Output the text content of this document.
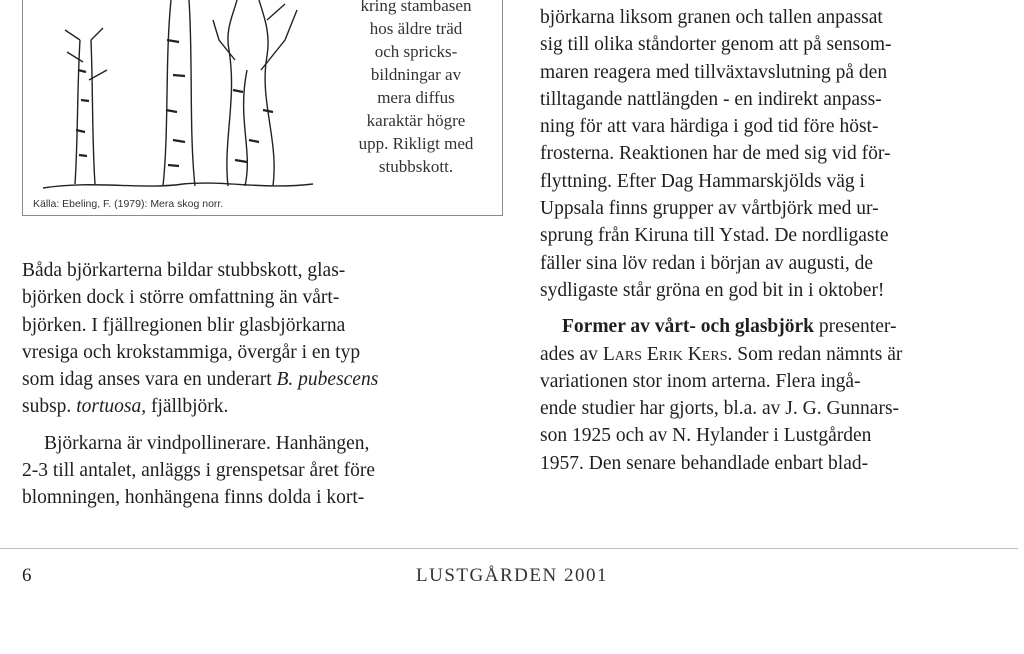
Källa: Ebeling, F. (1979): Mera skog norr.
kring stambasen
hos äldre träd
och spricks-
bildningar av
mera diffus
karaktär högre
upp. Rikligt med
stubbskott.
Båda björkarterna bildar stubbskott, glas-
björken dock i större omfattning än vårt-
björken. I fjällregionen blir glasbjörkarna
vresiga och krokstammiga, övergår i en typ
som idag anses vara en underart B. pubescens
subsp. tortuosa, fjällbjörk.
Björkarna är vindpollinerare. Hanhängen,
2-3 till antalet, anläggs i grenspetsar året före
blomningen, honhängena finns dolda i kort-
björkarna liksom granen och tallen anpassat
sig till olika ståndorter genom att på sensom-
maren reagera med tillväxtavslutning på den
tilltagande nattlängden - en indirekt anpass-
ning för att vara härdiga i god tid före höst-
frosterna. Reaktionen har de med sig vid för-
flyttning. Efter Dag Hammarskjölds väg i
Uppsala finns grupper av vårtbjörk med ur-
sprung från Kiruna till Ystad. De nordligaste
fäller sina löv redan i början av augusti, de
sydligaste står gröna en god bit in i oktober!
Former av vårt- och glasbjörk presenter-
ades av Lars Erik Kers. Som redan nämnts är
variationen stor inom arterna. Flera ingå-
ende studier har gjorts, bl.a. av J. G. Gunnars-
son 1925 och av N. Hylander i Lustgården
1957. Den senare behandlade enbart blad-
6	LUSTGÅRDEN 2001
